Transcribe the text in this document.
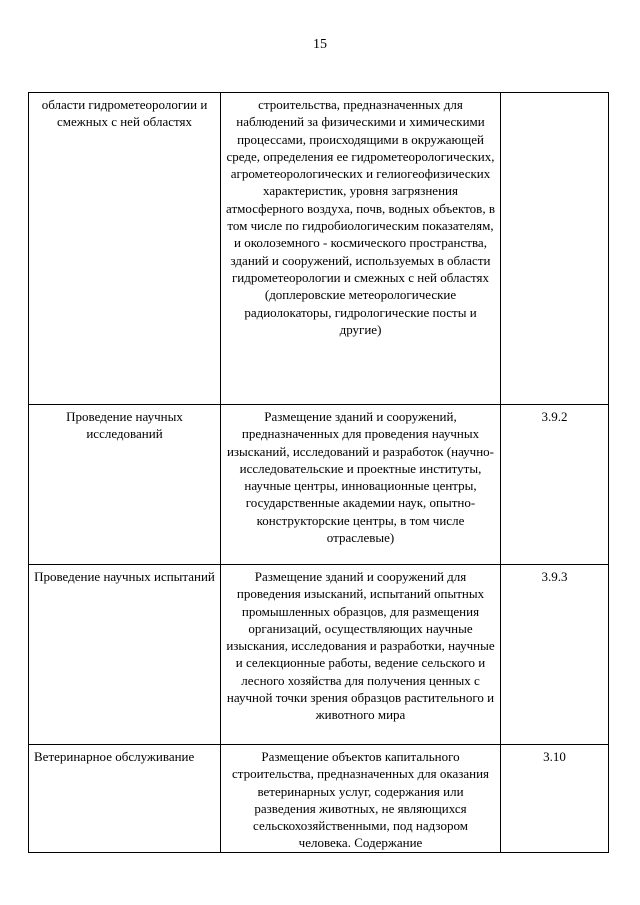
15
области гидрометеорологии и смежных с ней областях	строительства, предназначенных для наблюдений за физическими и химическими процессами, происходящими в окружающей среде, определения ее гидрометеорологических, агрометеорологических и гелиогеофизических характеристик, уровня загрязнения атмосферного воздуха, почв, водных объектов, в том числе по гидробиологическим показателям, и околоземного - космического пространства, зданий и сооружений, используемых в области гидрометеорологии и смежных с ней областях (доплеровские метеорологические радиолокаторы, гидрологические посты и другие)	
Проведение научных исследований	Размещение зданий и сооружений, предназначенных для проведения научных изысканий, исследований и разработок (научно-исследовательские и проектные институты, научные центры, инновационные центры, государственные академии наук, опытно-конструкторские центры, в том числе отраслевые)	3.9.2
Проведение научных испытаний	Размещение зданий и сооружений для проведения изысканий, испытаний опытных промышленных образцов, для размещения организаций, осуществляющих научные изыскания, исследования и разработки, научные и селекционные работы, ведение сельского и лесного хозяйства для получения ценных с научной точки зрения образцов растительного и животного мира	3.9.3
Ветеринарное обслуживание	Размещение объектов капитального строительства, предназначенных для оказания ветеринарных услуг, содержания или разведения животных, не являющихся сельскохозяйственными, под надзором человека. Содержание	3.10
